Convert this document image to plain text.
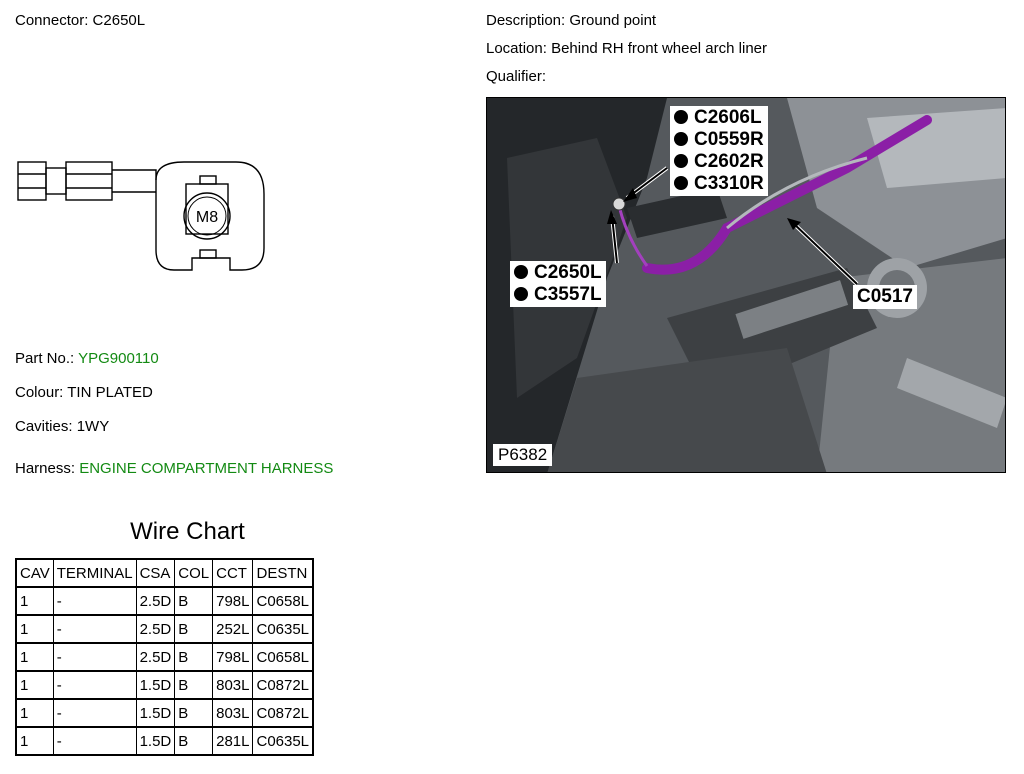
Connector: C2650L	Description: Ground point
Location: Behind RH front wheel arch liner
Qualifier:
M8
Part No.: YPG900110
Colour: TIN PLATED
Cavities: 1WY
Harness: ENGINE COMPARTMENT HARNESS
C2606L
C0559R
C2602R
C3310R
C2650L
C3557L	C0517
P6382
Wire Chart
CAV	TERMINAL	CSA	COL	CCT	DESTN
1	-	2.5D	B	798L	C0658L
1	-	2.5D	B	252L	C0635L
1	-	2.5D	B	798L	C0658L
1	-	1.5D	B	803L	C0872L
1	-	1.5D	B	803L	C0872L
1	-	1.5D	B	281L	C0635L
